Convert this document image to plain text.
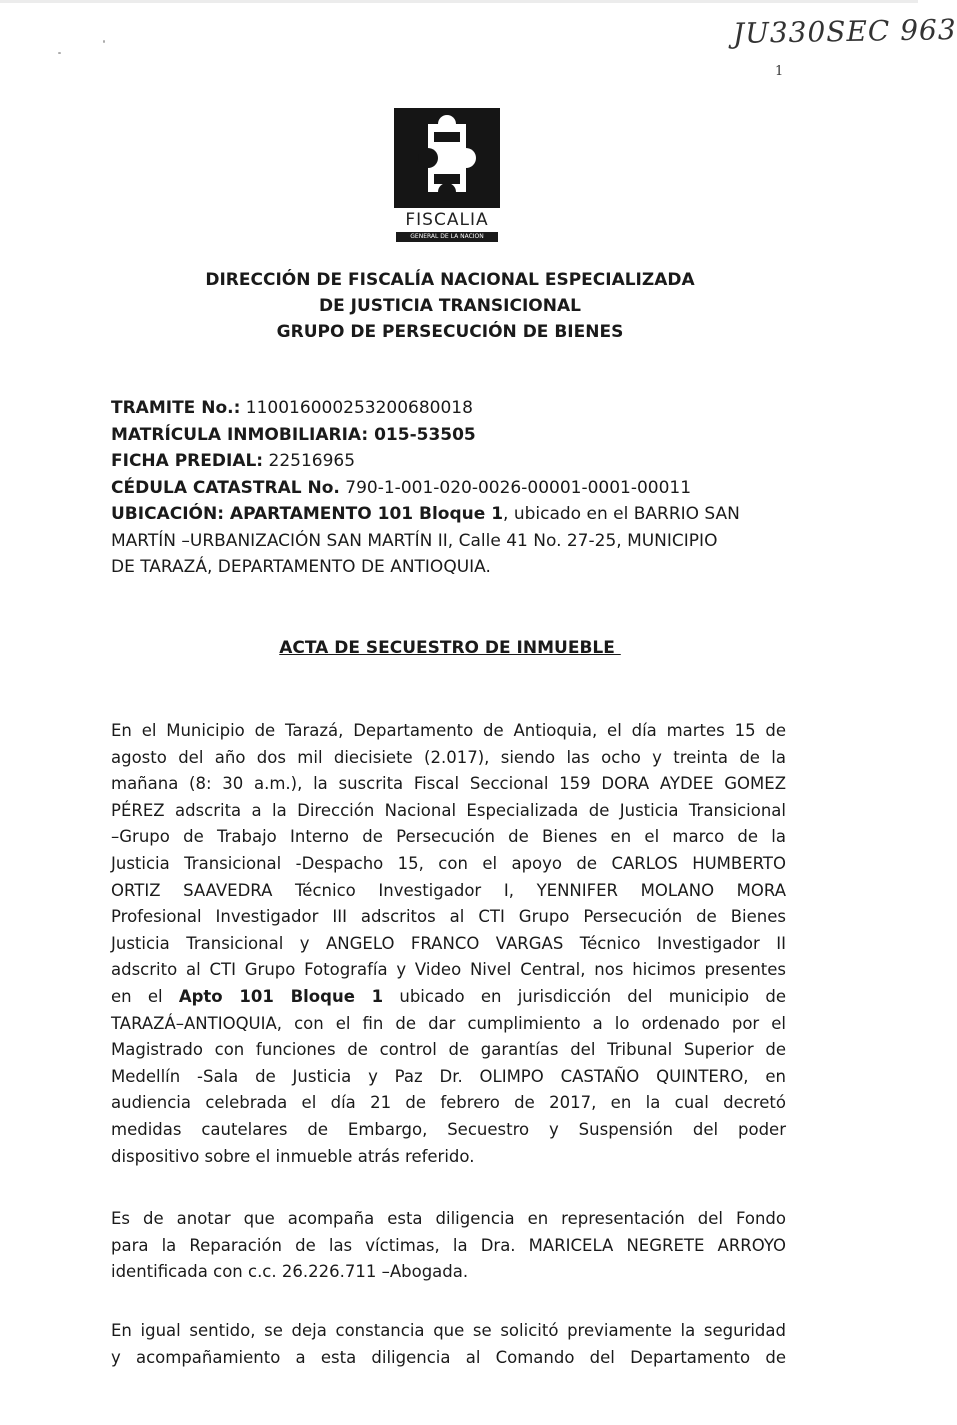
JU330SEC 963
1
FISCALIA
GENERAL DE LA NACION
DIRECCIÓN DE FISCALÍA NACIONAL ESPECIALIZADA
DE JUSTICIA TRANSICIONAL
GRUPO DE PERSECUCIÓN DE BIENES
TRAMITE No.: 110016000253200680018
MATRÍCULA INMOBILIARIA: 015-53505
FICHA PREDIAL: 22516965
CÉDULA CATASTRAL No. 790-1-001-020-0026-00001-0001-00011
UBICACIÓN: APARTAMENTO 101 Bloque 1, ubicado en el BARRIO SAN
MARTÍN –URBANIZACIÓN SAN MARTÍN II, Calle 41 No. 27-25, MUNICIPIO
DE TARAZÁ, DEPARTAMENTO DE ANTIOQUIA.
ACTA DE SECUESTRO DE INMUEBLE
En el Municipio de Tarazá, Departamento de Antioquia, el día martes 15 de
agosto del año dos mil diecisiete (2.017), siendo las ocho y treinta de la
mañana (8: 30 a.m.), la suscrita Fiscal Seccional 159 DORA AYDEE GOMEZ
PÉREZ adscrita a la Dirección Nacional Especializada de Justicia Transicional
–Grupo de Trabajo Interno de Persecución de Bienes en el marco de la
Justicia Transicional -Despacho 15, con el apoyo de CARLOS HUMBERTO
ORTIZ SAAVEDRA Técnico Investigador I, YENNIFER MOLANO MORA
Profesional Investigador III adscritos al CTI Grupo Persecución de Bienes
Justicia Transicional y ANGELO FRANCO VARGAS Técnico Investigador II
adscrito al CTI Grupo Fotografía y Video Nivel Central, nos hicimos presentes
en el Apto 101 Bloque 1 ubicado en jurisdicción del municipio de
TARAZÁ–ANTIOQUIA, con el fin de dar cumplimiento a lo ordenado por el
Magistrado con funciones de control de garantías del Tribunal Superior de
Medellín -Sala de Justicia y Paz Dr. OLIMPO CASTAÑO QUINTERO, en
audiencia celebrada el día 21 de febrero de 2017, en la cual decretó
medidas cautelares de Embargo, Secuestro y Suspensión del poder
dispositivo sobre el inmueble atrás referido.
Es de anotar que acompaña esta diligencia en representación del Fondo
para la Reparación de las víctimas, la Dra. MARICELA NEGRETE ARROYO
identificada con c.c. 26.226.711 –Abogada.
En igual sentido, se deja constancia que se solicitó previamente la seguridad
y acompañamiento a esta diligencia al Comando del Departamento de
